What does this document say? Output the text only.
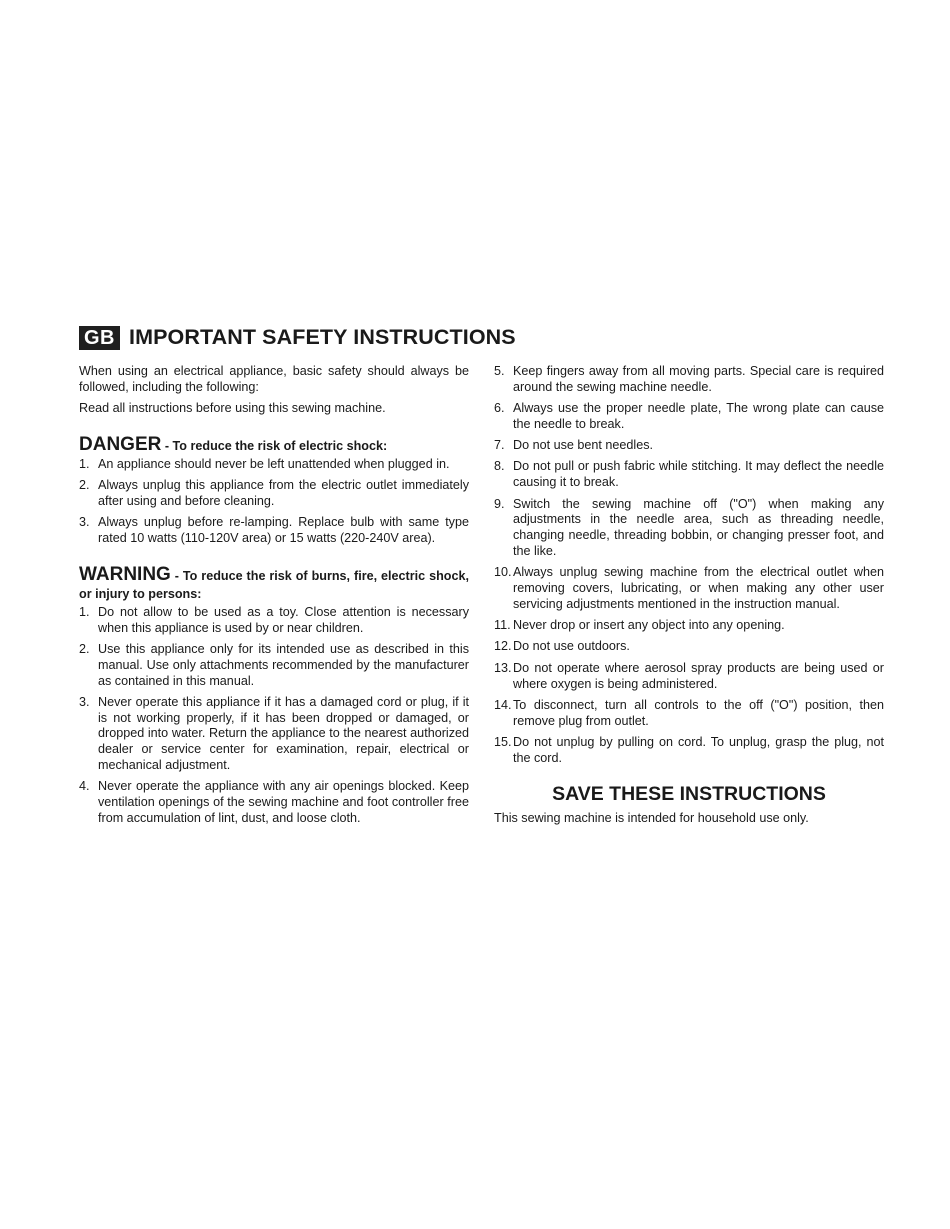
GB IMPORTANT SAFETY INSTRUCTIONS

When using an electrical appliance, basic safety should always be followed, including the following:

Read all instructions before using this sewing machine.

DANGER - To reduce the risk of electric shock:
1. An appliance should never be left unattended when plugged in.
2. Always unplug this appliance from the electric outlet immediately after using and before cleaning.
3. Always unplug before re-lamping. Replace bulb with same type rated 10 watts (110-120V area) or 15 watts (220-240V area).
WARNING - To reduce the risk of burns, fire, electric shock, or injury to persons:
1. Do not allow to be used as a toy. Close attention is necessary when this appliance is used by or near children.
2. Use this appliance only for its intended use as described in this manual. Use only attachments recommended by the manufacturer as contained in this manual.
3. Never operate this appliance if it has a damaged cord or plug, if it is not working properly, if it has been dropped or damaged, or dropped into water. Return the appliance to the nearest authorized dealer or service center for examination, repair, electrical or mechanical adjustment.
4. Never operate the appliance with any air openings blocked. Keep ventilation openings of the sewing machine and foot controller free from accumulation of lint, dust, and loose cloth.
5. Keep fingers away from all moving parts. Special care is required around the sewing machine needle.
6. Always use the proper needle plate, The wrong plate can cause the needle to break.
7. Do not use bent needles.
8. Do not pull or push fabric while stitching. It may deflect the needle causing it to break.
9. Switch the sewing machine off ("O") when making any adjustments in the needle area, such as threading needle, changing needle, threading bobbin, or changing presser foot, and the like.
10. Always unplug sewing machine from the electrical outlet when removing covers, lubricating, or when making any other user servicing adjustments mentioned in the instruction manual.
11. Never drop or insert any object into any opening.
12. Do not use outdoors.
13. Do not operate where aerosol spray products are being used or where oxygen is being administered.
14. To disconnect, turn all controls to the off ("O") position, then remove plug from outlet.
15. Do not unplug by pulling on cord. To unplug, grasp the plug, not the cord.
SAVE THESE INSTRUCTIONS

This sewing machine is intended for household use only.
